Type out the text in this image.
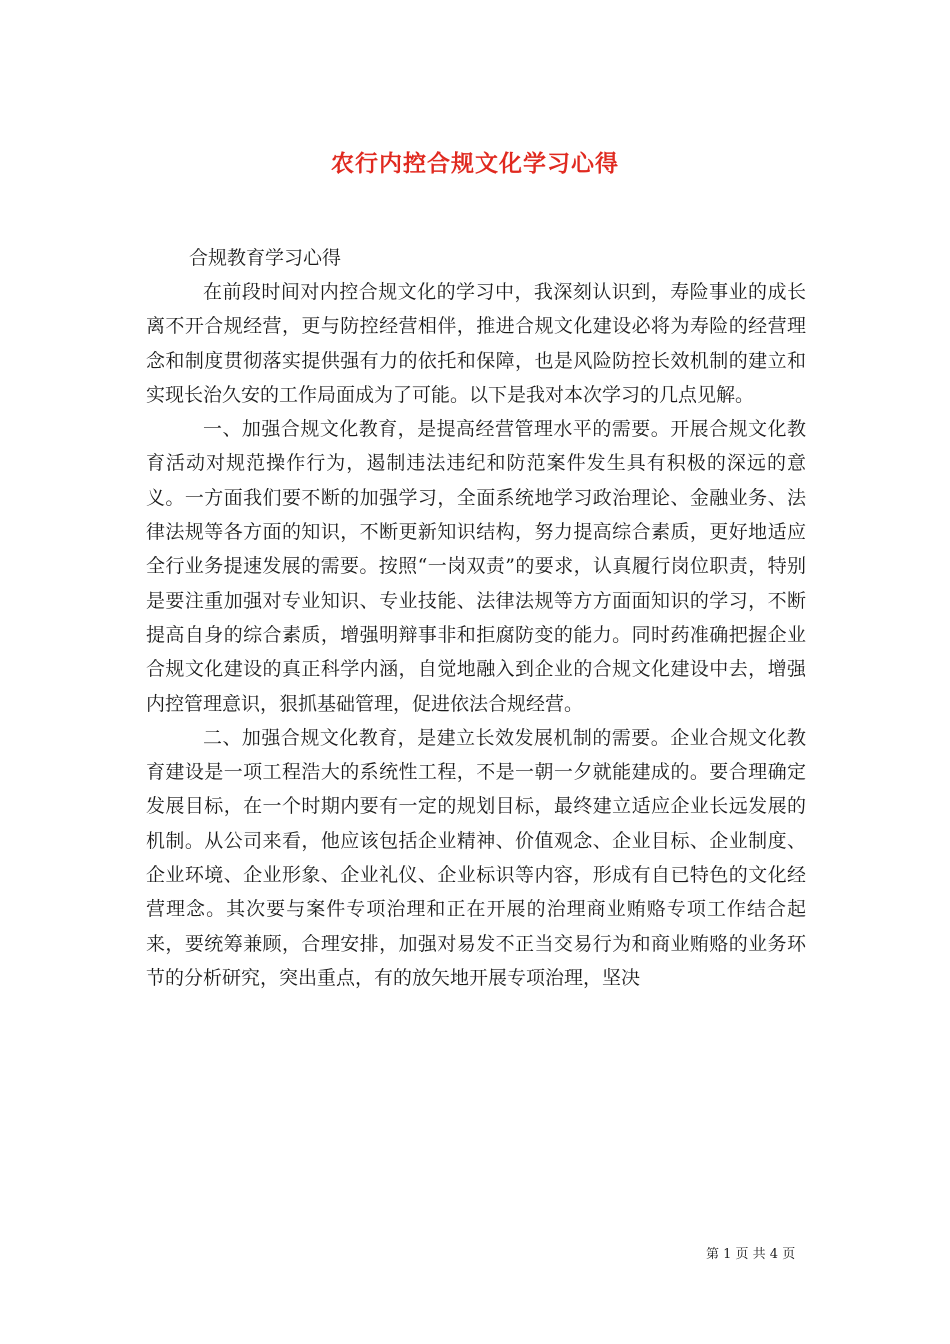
农行内控合规文化学习心得
合规教育学习心得

在前段时间对内控合规文化的学习中，我深刻认识到，寿险事业的成长离不开合规经营，更与防控经营相伴，推进合规文化建设必将为寿险的经营理念和制度贯彻落实提供强有力的依托和保障，也是风险防控长效机制的建立和实现长治久安的工作局面成为了可能。以下是我对本次学习的几点见解。

一、加强合规文化教育，是提高经营管理水平的需要。开展合规文化教育活动对规范操作行为，遏制违法违纪和防范案件发生具有积极的深远的意义。一方面我们要不断的加强学习，全面系统地学习政治理论、金融业务、法律法规等各方面的知识，不断更新知识结构，努力提高综合素质，更好地适应全行业务提速发展的需要。按照“一岗双责”的要求，认真履行岗位职责，特别是要注重加强对专业知识、专业技能、法律法规等方方面面知识的学习，不断提高自身的综合素质，增强明辩事非和拒腐防变的能力。同时药准确把握企业合规文化建设的真正科学内涵，自觉地融入到企业的合规文化建设中去，增强内控管理意识，狠抓基础管理，促进依法合规经营。

二、加强合规文化教育，是建立长效发展机制的需要。企业合规文化教育建设是一项工程浩大的系统性工程，不是一朝一夕就能建成的。要合理确定发展目标，在一个时期内要有一定的规划目标，最终建立适应企业长远发展的机制。从公司来看，他应该包括企业精神、价值观念、企业目标、企业制度、企业环境、企业形象、企业礼仪、企业标识等内容，形成有自已特色的文化经营理念。其次要与案件专项治理和正在开展的治理商业贿赂专项工作结合起来，要统筹兼顾，合理安排，加强对易发不正当交易行为和商业贿赂的业务环节的分析研究，突出重点，有的放矢地开展专项治理，坚决

第 1 页 共 4 页
